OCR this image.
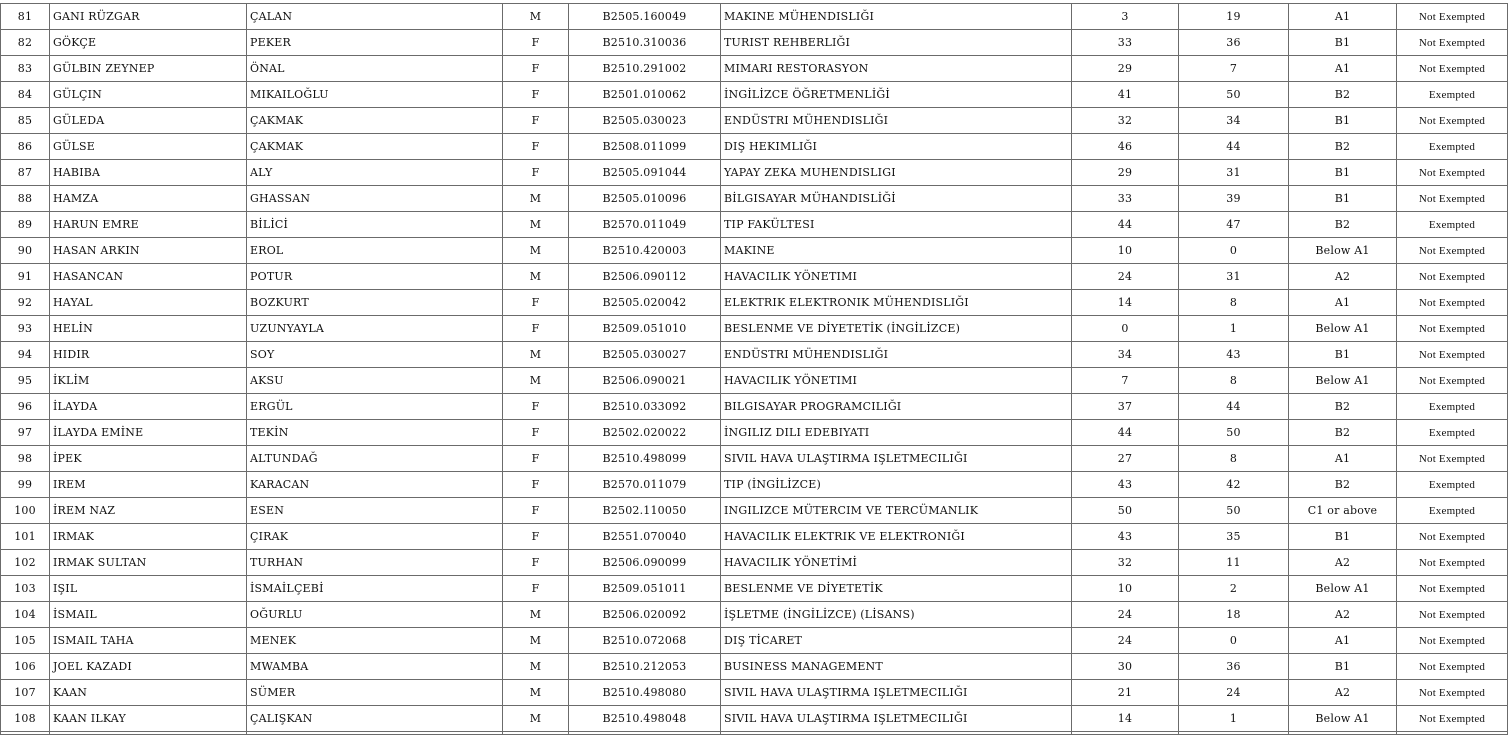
81	GANI RÜZGAR	ÇALAN	M	B2505.160049	MAKINE MÜHENDISLIĞI	3	19	A1	Not Exempted
82	GÖKÇE	PEKER	F	B2510.310036	TURIST REHBERLIĞI	33	36	B1	Not Exempted
83	GÜLBIN ZEYNEP	ÖNAL	F	B2510.291002	MIMARI RESTORASYON	29	7	A1	Not Exempted
84	GÜLÇIN	MIKAILOĞLU	F	B2501.010062	İNGİLİZCE ÖĞRETMENLİĞİ	41	50	B2	Exempted
85	GÜLEDA	ÇAKMAK	F	B2505.030023	ENDÜSTRI MÜHENDISLIĞI	32	34	B1	Not Exempted
86	GÜLSE	ÇAKMAK	F	B2508.011099	DIŞ HEKIMLIĞI	46	44	B2	Exempted
87	HABIBA	ALY	F	B2505.091044	YAPAY ZEKA MUHENDISLIGI	29	31	B1	Not Exempted
88	HAMZA	GHASSAN	M	B2505.010096	BİLGISAYAR MÜHANDISLİĞİ	33	39	B1	Not Exempted
89	HARUN EMRE	BİLİCİ	M	B2570.011049	TIP FAKÜLTESI	44	47	B2	Exempted
90	HASAN ARKIN	EROL	M	B2510.420003	MAKINE	10	0	Below A1	Not Exempted
91	HASANCAN	POTUR	M	B2506.090112	HAVACILIK YÖNETIMI	24	31	A2	Not Exempted
92	HAYAL	BOZKURT	F	B2505.020042	ELEKTRIK ELEKTRONIK MÜHENDISLIĞI	14	8	A1	Not Exempted
93	HELİN	UZUNYAYLA	F	B2509.051010	BESLENME VE DİYETETİK (İNGİLİZCE)	0	1	Below A1	Not Exempted
94	HIDIR	SOY	M	B2505.030027	ENDÜSTRI MÜHENDISLIĞI	34	43	B1	Not Exempted
95	İKLİM	AKSU	M	B2506.090021	HAVACILIK YÖNETIMI	7	8	Below A1	Not Exempted
96	İLAYDA	ERGÜL	F	B2510.033092	BILGISAYAR PROGRAMCILIĞI	37	44	B2	Exempted
97	İLAYDA EMİNE	TEKİN	F	B2502.020022	İNGILIZ DILI EDEBIYATI	44	50	B2	Exempted
98	İPEK	ALTUNDAĞ	F	B2510.498099	SIVIL HAVA ULAŞTIRMA IŞLETMECILIĞI	27	8	A1	Not Exempted
99	IREM	KARACAN	F	B2570.011079	TIP (İNGİLİZCE)	43	42	B2	Exempted
100	İREM NAZ	ESEN	F	B2502.110050	INGILIZCE MÜTERCIM VE TERCÜMANLIK	50	50	C1 or above	Exempted
101	IRMAK	ÇIRAK	F	B2551.070040	HAVACILIK ELEKTRIK VE ELEKTRONIĞI	43	35	B1	Not Exempted
102	IRMAK SULTAN	TURHAN	F	B2506.090099	HAVACILIK YÖNETİMİ	32	11	A2	Not Exempted
103	IŞIL	İSMAİLÇEBİ	F	B2509.051011	BESLENME VE DİYETETİK	10	2	Below A1	Not Exempted
104	İSMAIL	OĞURLU	M	B2506.020092	İŞLETME (İNGİLİZCE) (LİSANS)	24	18	A2	Not Exempted
105	ISMAIL TAHA	MENEK	M	B2510.072068	DIŞ TİCARET	24	0	A1	Not Exempted
106	JOEL KAZADI	MWAMBA	M	B2510.212053	BUSINESS MANAGEMENT	30	36	B1	Not Exempted
107	KAAN	SÜMER	M	B2510.498080	SIVIL HAVA ULAŞTIRMA IŞLETMECILIĞI	21	24	A2	Not Exempted
108	KAAN ILKAY	ÇALIŞKAN	M	B2510.498048	SIVIL HAVA ULAŞTIRMA IŞLETMECILIĞI	14	1	Below A1	Not Exempted
